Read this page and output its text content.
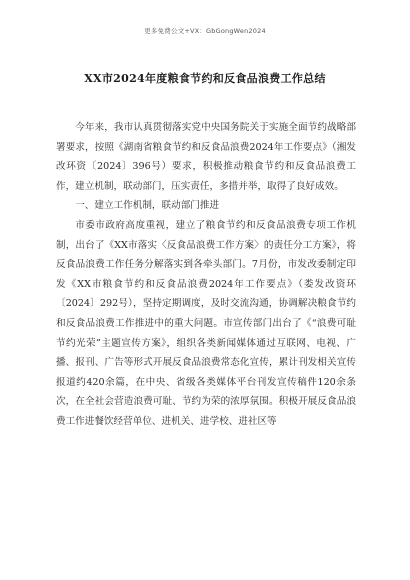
更多免费公文+VX：GbGongWen2024
XX市2024年度粮食节约和反食品浪费工作总结

今年来，我市认真贯彻落实党中央国务院关于实施全面节约战略部署要求，按照《湖南省粮食节约和反食品浪费2024年工作要点》（湘发改环资〔2024〕396号）要求，积极推动粮食节约和反食品浪费工作，建立机制，联动部门，压实责任，多措并举，取得了良好成效。

一、建立工作机制，联动部门推进

市委市政府高度重视，建立了粮食节约和反食品浪费专项工作机制，出台了《XX市落实〈反食品浪费工作方案〉的责任分工方案》，将反食品浪费工作任务分解落实到各牵头部门。7月份，市发改委制定印发《XX市粮食节约和反食品浪费2024年工作要点》（娄发改资环〔2024〕292号），坚持定期调度，及时交流沟通，协调解决粮食节约和反食品浪费工作推进中的重大问题。市宣传部门出台了《“浪费可耻节约光荣”主题宣传方案》，组织各类新闻媒体通过互联网、电视、广播、报刊、广告等形式开展反食品浪费常态化宣传，累计刊发相关宣传报道约420余篇，在中央、省级各类媒体平台刊发宣传稿件120余条次，在全社会营造浪费可耻、节约为荣的浓厚氛围。积极开展反食品浪费工作进餐饮经营单位、进机关、进学校、进社区等
